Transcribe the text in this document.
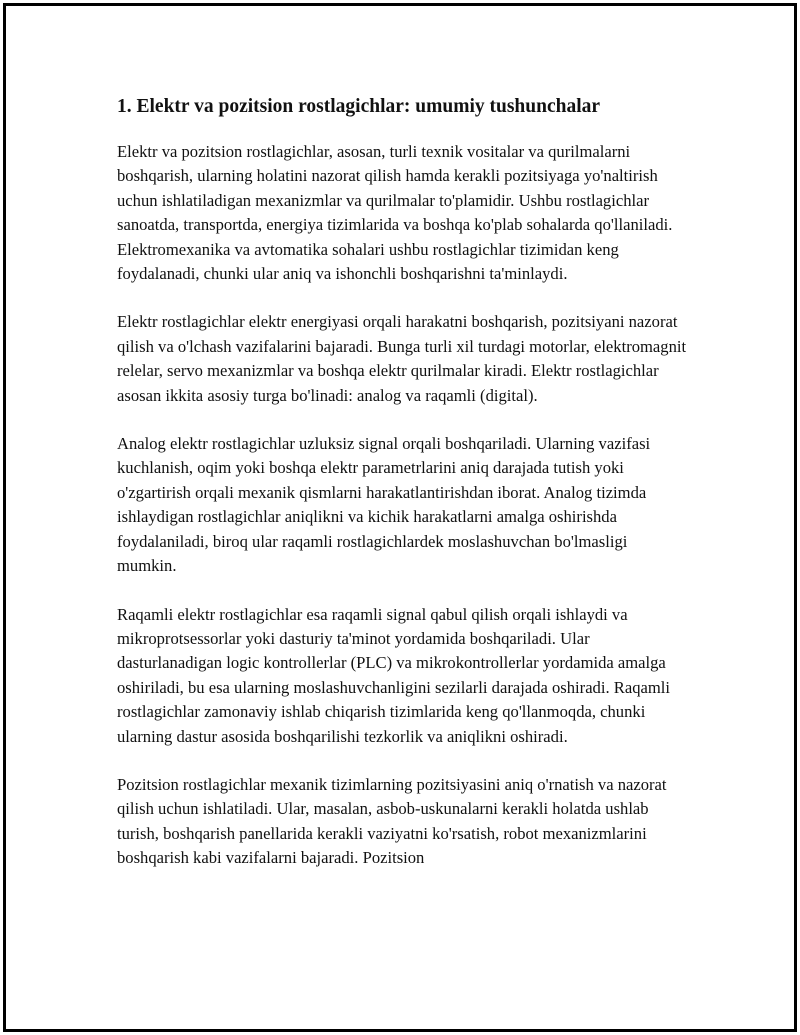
1. Elektr va pozitsion rostlagichlar: umumiy tushunchalar

Elektr va pozitsion rostlagichlar, asosan, turli texnik vositalar va qurilmalarni boshqarish, ularning holatini nazorat qilish hamda kerakli pozitsiyaga yo'naltirish uchun ishlatiladigan mexanizmlar va qurilmalar to'plamidir. Ushbu rostlagichlar sanoatda, transportda, energiya tizimlarida va boshqa ko'plab sohalarda qo'llaniladi. Elektromexanika va avtomatika sohalari ushbu rostlagichlar tizimidan keng foydalanadi, chunki ular aniq va ishonchli boshqarishni ta'minlaydi.

Elektr rostlagichlar elektr energiyasi orqali harakatni boshqarish, pozitsiyani nazorat qilish va o'lchash vazifalarini bajaradi. Bunga turli xil turdagi motorlar, elektromagnit relelar, servo mexanizmlar va boshqa elektr qurilmalar kiradi. Elektr rostlagichlar asosan ikkita asosiy turga bo'linadi: analog va raqamli (digital).

Analog elektr rostlagichlar uzluksiz signal orqali boshqariladi. Ularning vazifasi kuchlanish, oqim yoki boshqa elektr parametrlarini aniq darajada tutish yoki o'zgartirish orqali mexanik qismlarni harakatlantirishdan iborat. Analog tizimda ishlaydigan rostlagichlar aniqlikni va kichik harakatlarni amalga oshirishda foydalaniladi, biroq ular raqamli rostlagichlardek moslashuvchan bo'lmasligi mumkin.

Raqamli elektr rostlagichlar esa raqamli signal qabul qilish orqali ishlaydi va mikroprotsessorlar yoki dasturiy ta'minot yordamida boshqariladi. Ular dasturlanadigan logic kontrollerlar (PLC) va mikrokontrollerlar yordamida amalga oshiriladi, bu esa ularning moslashuvchanligini sezilarli darajada oshiradi. Raqamli rostlagichlar zamonaviy ishlab chiqarish tizimlarida keng qo'llanmoqda, chunki ularning dastur asosida boshqarilishi tezkorlik va aniqlikni oshiradi.

Pozitsion rostlagichlar mexanik tizimlarning pozitsiyasini aniq o'rnatish va nazorat qilish uchun ishlatiladi. Ular, masalan, asbob-uskunalarni kerakli holatda ushlab turish, boshqarish panellarida kerakli vaziyatni ko'rsatish, robot mexanizmlarini boshqarish kabi vazifalarni bajaradi. Pozitsion
